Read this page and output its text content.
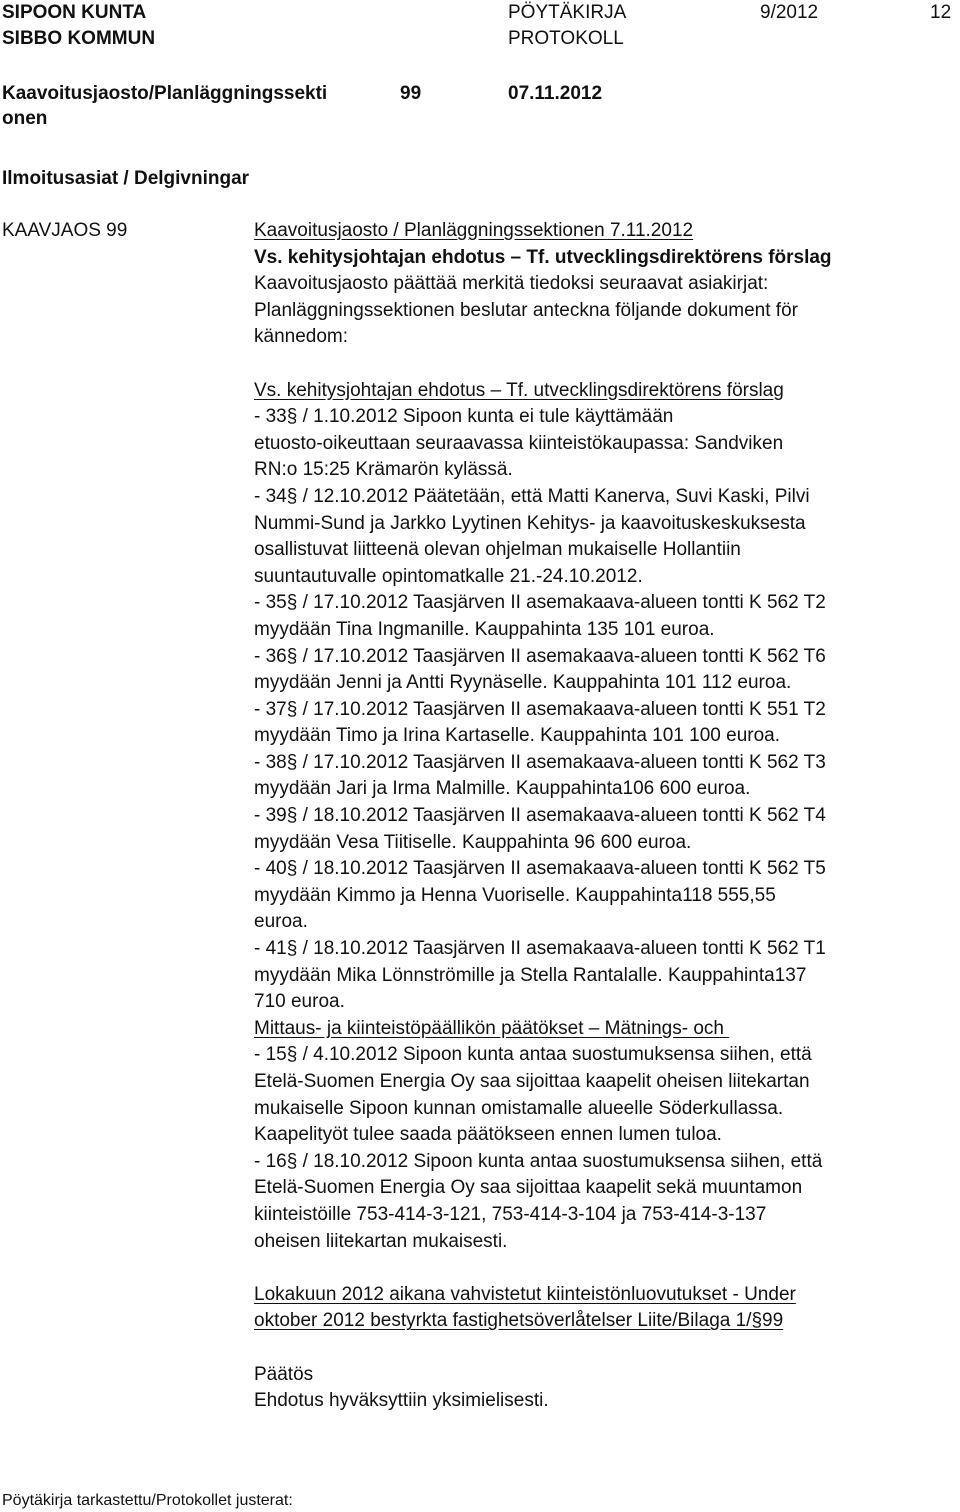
SIPOON KUNTA
SIBBO KOMMUN
PÖYTÄKIRJA
PROTOKOLL
9/2012	12
Kaavoitusjaosto/Planläggningssekti
onen
99	07.11.2012
Ilmoitusasiat / Delgivningar
KAAVJAOS 99	Kaavoitusjaosto / Planläggningssektionen 7.11.2012
Vs. kehitysjohtajan ehdotus – Tf. utvecklingsdirektörens förslag
Kaavoitusjaosto päättää merkitä tiedoksi seuraavat asiakirjat:
Planläggningssektionen beslutar anteckna följande dokument för
kännedom:
Vs. kehitysjohtajan ehdotus – Tf. utvecklingsdirektörens förslag
- 33§ / 1.10.2012 Sipoon kunta ei tule käyttämään
etuosto-oikeuttaan seuraavassa kiinteistökaupassa: Sandviken
RN:o 15:25 Krämarön kylässä.
- 34§ / 12.10.2012 Päätetään, että Matti Kanerva, Suvi Kaski, Pilvi
Nummi-Sund ja Jarkko Lyytinen Kehitys- ja kaavoituskeskuksesta
osallistuvat liitteenä olevan ohjelman mukaiselle Hollantiin
suuntautuvalle opintomatkalle 21.-24.10.2012.
- 35§ / 17.10.2012 Taasjärven II asemakaava-alueen tontti K 562 T2
myydään Tina Ingmanille. Kauppahinta 135 101 euroa.
- 36§ / 17.10.2012 Taasjärven II asemakaava-alueen tontti K 562 T6
myydään Jenni ja Antti Ryynäselle. Kauppahinta 101 112 euroa.
- 37§ / 17.10.2012 Taasjärven II asemakaava-alueen tontti K 551 T2
myydään Timo ja Irina Kartaselle. Kauppahinta 101 100 euroa.
- 38§ / 17.10.2012 Taasjärven II asemakaava-alueen tontti K 562 T3
myydään Jari ja Irma Malmille. Kauppahinta106 600 euroa.
- 39§ / 18.10.2012 Taasjärven II asemakaava-alueen tontti K 562 T4
myydään Vesa Tiitiselle. Kauppahinta 96 600 euroa.
- 40§ / 18.10.2012 Taasjärven II asemakaava-alueen tontti K 562 T5
myydään Kimmo ja Henna Vuoriselle. Kauppahinta118 555,55
euroa.
- 41§ / 18.10.2012 Taasjärven II asemakaava-alueen tontti K 562 T1
myydään Mika Lönnströmille ja Stella Rantalalle. Kauppahinta137
710 euroa.
Mittaus- ja kiinteistöpäällikön päätökset – Mätnings- och
- 15§ / 4.10.2012 Sipoon kunta antaa suostumuksensa siihen, että
Etelä-Suomen Energia Oy saa sijoittaa kaapelit oheisen liitekartan
mukaiselle Sipoon kunnan omistamalle alueelle Söderkullassa.
Kaapelityöt tulee saada päätökseen ennen lumen tuloa.
- 16§ / 18.10.2012 Sipoon kunta antaa suostumuksensa siihen, että
Etelä-Suomen Energia Oy saa sijoittaa kaapelit sekä muuntamon
kiinteistöille 753-414-3-121, 753-414-3-104 ja 753-414-3-137
oheisen liitekartan mukaisesti.
Lokakuun 2012 aikana vahvistetut kiinteistönluovutukset - Under
oktober 2012 bestyrkta fastighetsöverlåtelser Liite/Bilaga 1/§99
Päätös
Ehdotus hyväksyttiin yksimielisesti.
Pöytäkirja tarkastettu/Protokollet justerat:
